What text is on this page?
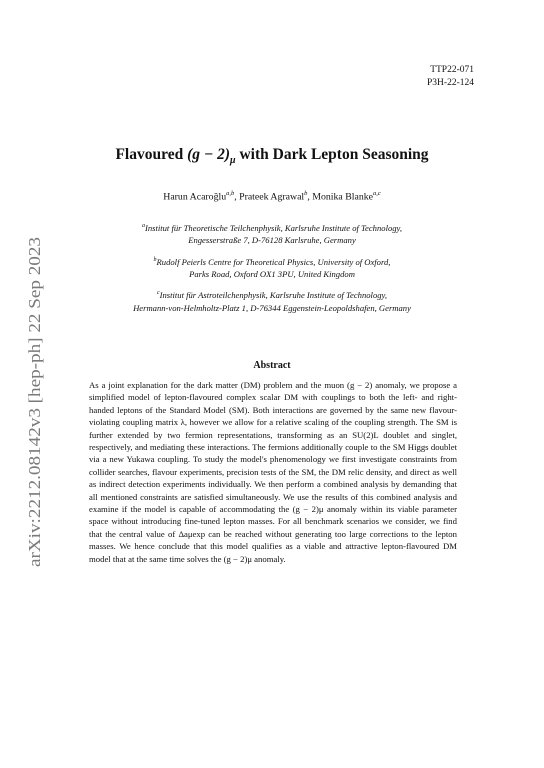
TTP22-071
P3H-22-124
arXiv:2212.08142v3 [hep-ph] 22 Sep 2023
Flavoured $(g - 2)_\mu$ with Dark Lepton Seasoning
Harun Acaroğlu$^{a,b}$, Prateek Agrawal$^b$, Monika Blanke$^{a,c}$
$^a$Institut für Theoretische Teilchenphysik, Karlsruhe Institute of Technology,
Engesserstraße 7, D-76128 Karlsruhe, Germany
$^b$Rudolf Peierls Centre for Theoretical Physics, University of Oxford,
Parks Road, Oxford OX1 3PU, United Kingdom
$^c$Institut für Astroteilchenphysik, Karlsruhe Institute of Technology,
Hermann-von-Helmholtz-Platz 1, D-76344 Eggenstein-Leopoldshafen, Germany
Abstract
As a joint explanation for the dark matter (DM) problem and the muon (g − 2) anomaly, we propose a simplified model of lepton-flavoured complex scalar DM with couplings to both the left- and right-handed leptons of the Standard Model (SM). Both interactions are governed by the same new flavour-violating coupling matrix λ, however we allow for a relative scaling of the coupling strength. The SM is further extended by two fermion representations, transforming as an SU(2)L doublet and singlet, respectively, and mediating these interactions. The fermions additionally couple to the SM Higgs doublet via a new Yukawa coupling. To study the model's phenomenology we first investigate constraints from collider searches, flavour experiments, precision tests of the SM, the DM relic density, and direct as well as indirect detection experiments individually. We then perform a combined analysis by demanding that all mentioned constraints are satisfied simultaneously. We use the results of this combined analysis and examine if the model is capable of accommodating the (g − 2)μ anomaly within its viable parameter space without introducing fine-tuned lepton masses. For all benchmark scenarios we consider, we find that the central value of Δaμexp can be reached without generating too large corrections to the lepton masses. We hence conclude that this model qualifies as a viable and attractive lepton-flavoured DM model that at the same time solves the (g − 2)μ anomaly.
